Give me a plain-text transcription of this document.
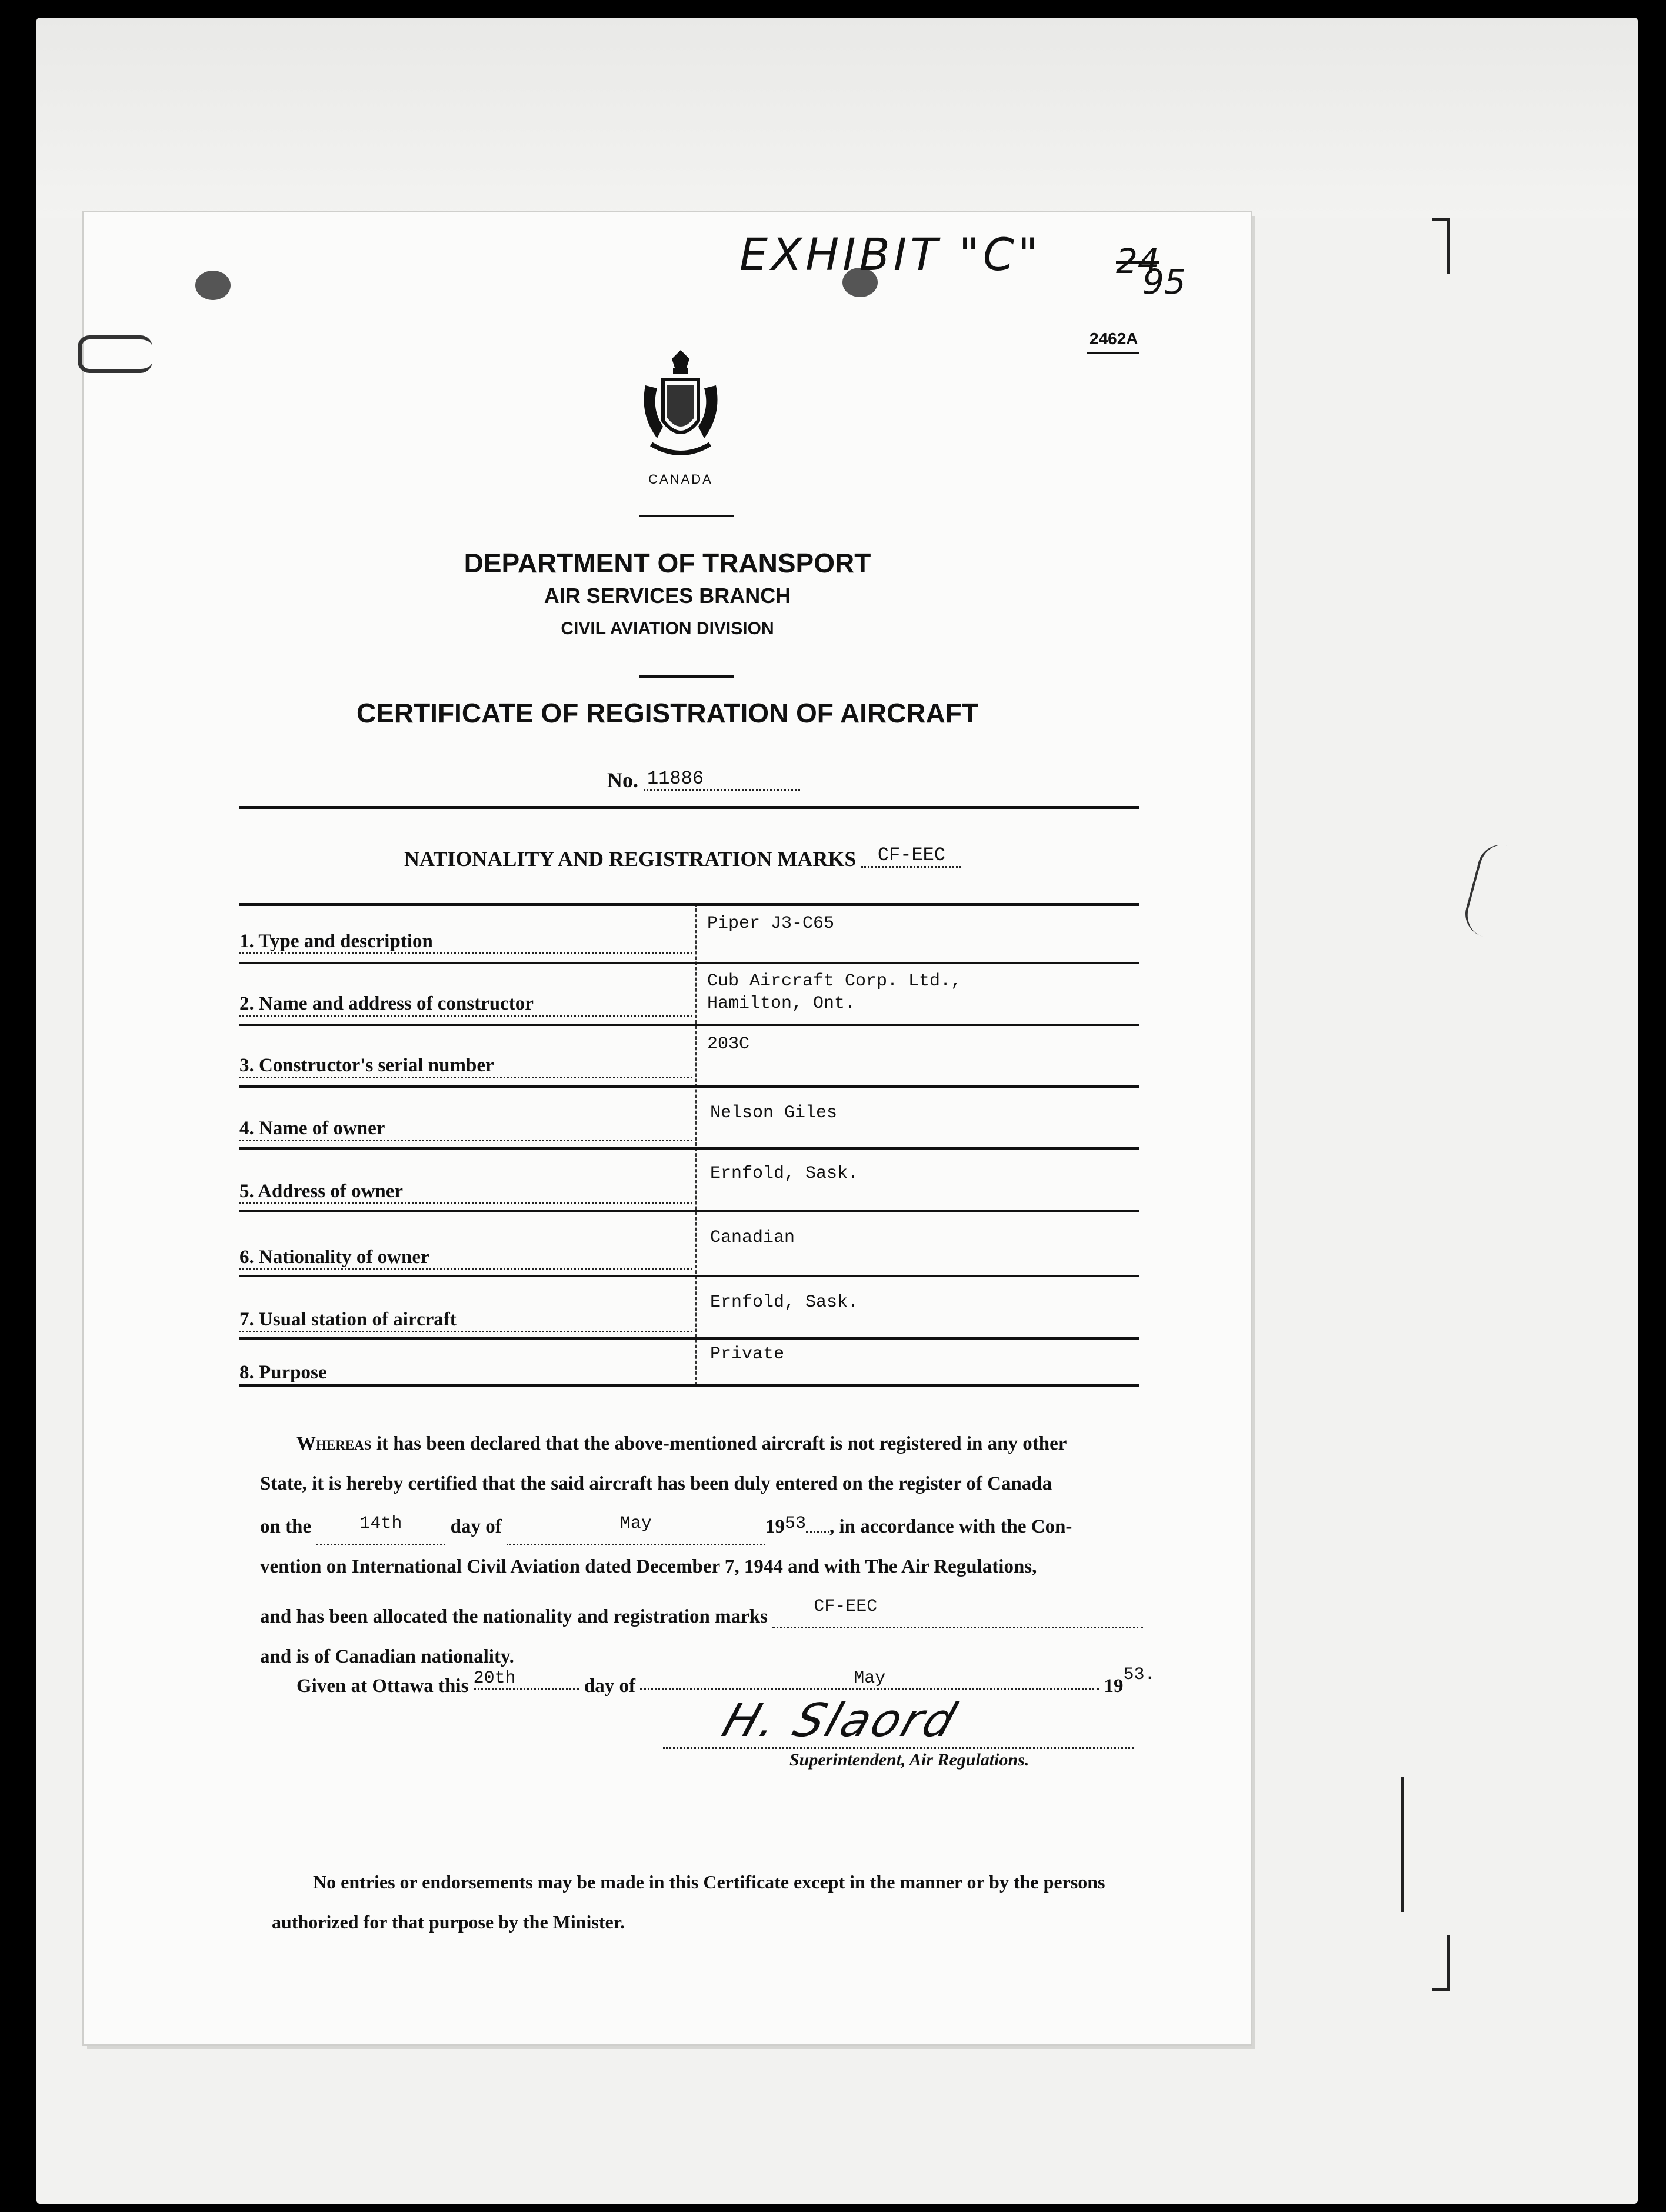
EXHIBIT "C" 24
95
2462A
CANADA
DEPARTMENT OF TRANSPORT
AIR SERVICES BRANCH
CIVIL AVIATION DIVISION
CERTIFICATE OF REGISTRATION OF AIRCRAFT
No. 11886
NATIONALITY AND REGISTRATION MARKS CF-EEC
1. Type and description
Piper J3-C65
2. Name and address of constructor
Cub Aircraft Corp. Ltd.,
Hamilton, Ont.
3. Constructor's serial number
203C
4. Name of owner
Nelson Giles
5. Address of owner
Ernfold, Sask.
6. Nationality of owner
Canadian
7. Usual station of aircraft
Ernfold, Sask.
8. Purpose
Private
Whereas it has been declared that the above-mentioned aircraft is not registered in any other
State, it is hereby certified that the said aircraft has been duly entered on the register of Canada
on the	14th day of	May	1953 , in accordance with the Con-
vention on International Civil Aviation dated December 7, 1944 and with The Air Regulations,
and has been allocated the nationality and registration marks	CF-EEC
and is of Canadian nationality.
Given at Ottawa this 20th	day of	May	1953.
H. Slaord
Superintendent, Air Regulations.
No entries or endorsements may be made in this Certificate except in the manner or by the persons
authorized for that purpose by the Minister.
